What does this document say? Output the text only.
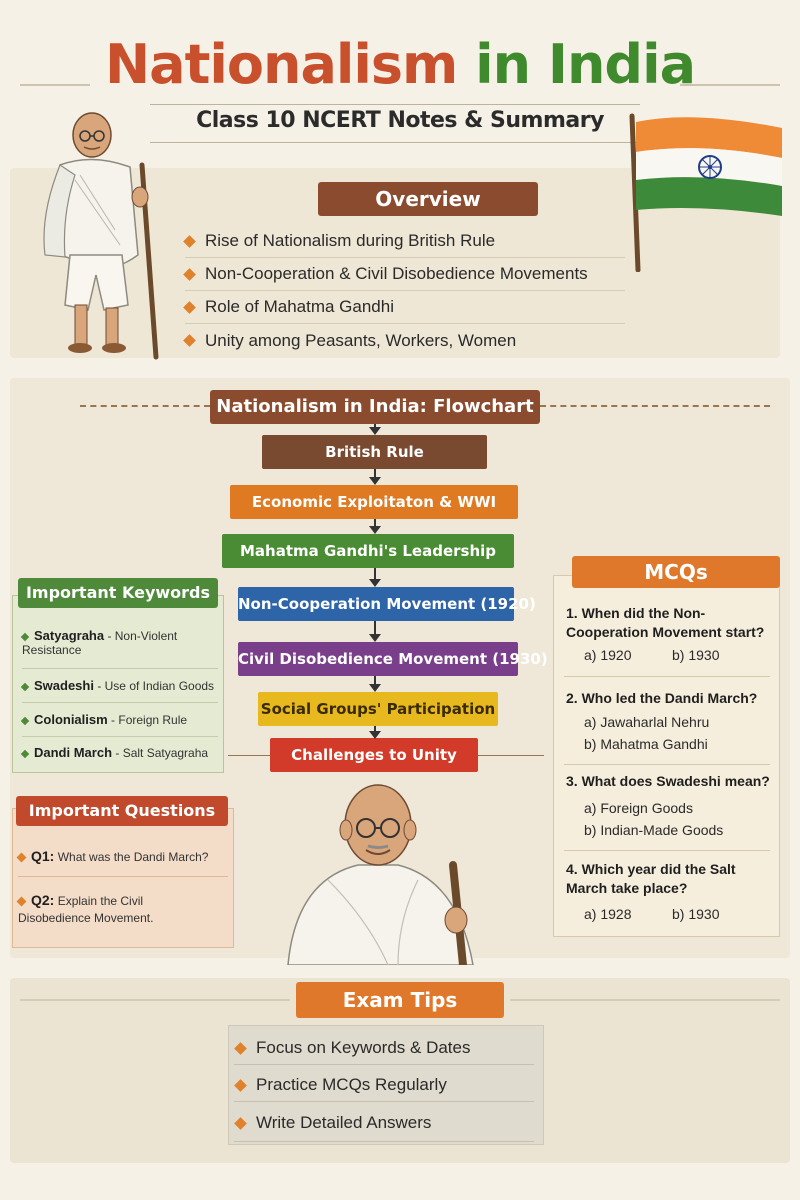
Nationalism in India
Class 10 NCERT Notes & Summary
Overview
Rise of Nationalism during British Rule
Non-Cooperation & Civil Disobedience Movements
Role of Mahatma Gandhi
Unity among Peasants, Workers, Women
Nationalism in India: Flowchart
British Rule
Economic Exploitaton & WWI
Mahatma Gandhi's Leadership
Non-Cooperation Movement (1920)
Civil Disobedience Movement (1930)
Social Groups' Participation
Challenges to Unity
Important Keywords
Satyagraha - Non-Violent Resistance
Swadeshi - Use of Indian Goods
Colonialism - Foreign Rule
Dandi March - Salt Satyagraha
Important Questions
Q1: What was the Dandi March?
Q2: Explain the Civil Disobedience Movement.
MCQs
1. When did the Non-Cooperation Movement start?
a) 1920	b) 1930
2. Who led the Dandi March?
a) Jawaharlal Nehru
b) Mahatma Gandhi
3. What does Swadeshi mean?
a) Foreign Goods
b) Indian-Made Goods
4. Which year did the Salt March take place?
a) 1928	b) 1930
Exam Tips
Focus on Keywords & Dates
Practice MCQs Regularly
Write Detailed Answers
